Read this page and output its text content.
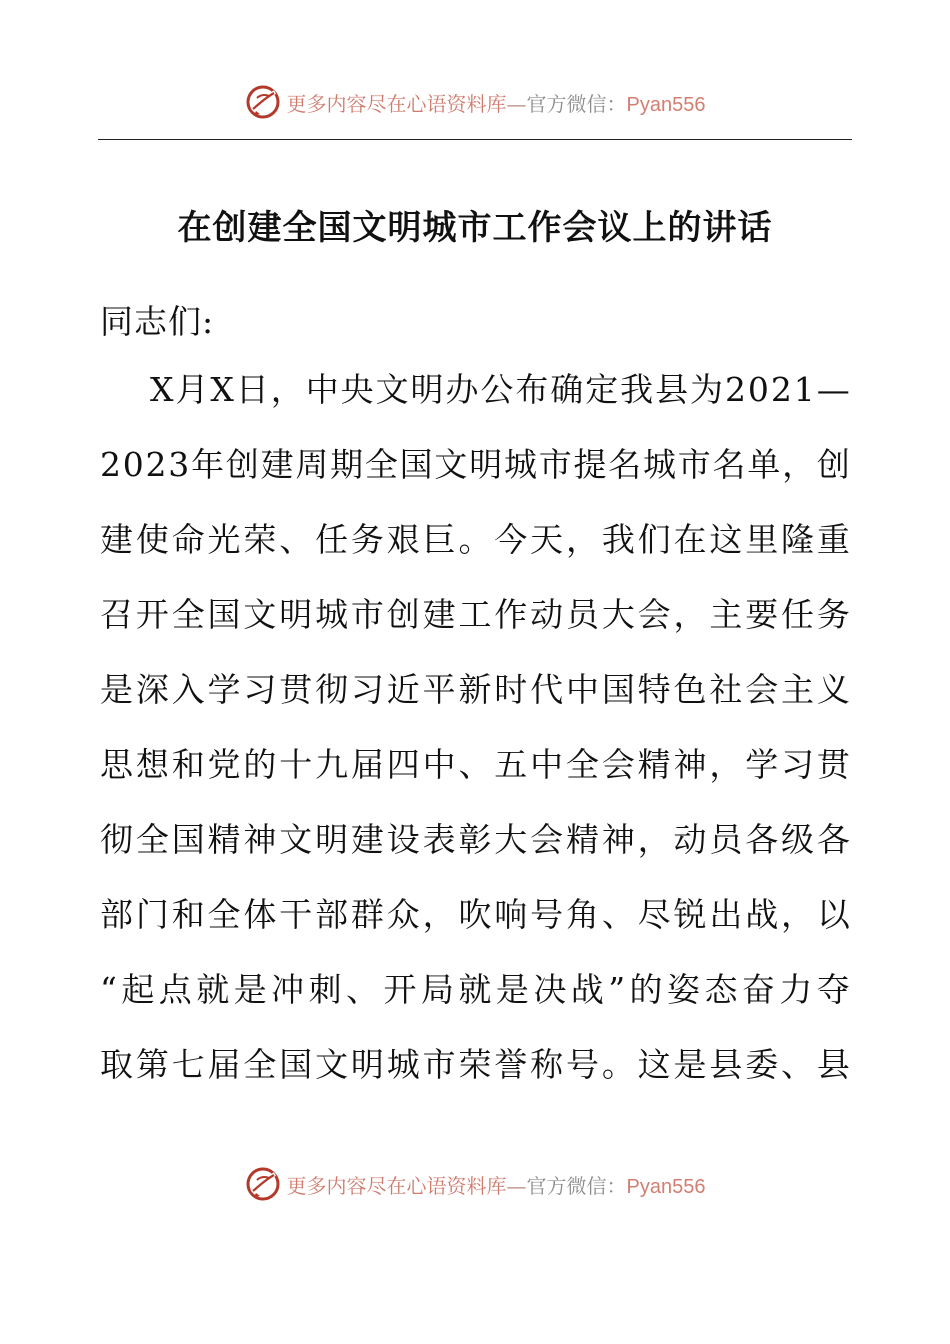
更多内容尽在心语资料库—官方微信：Pyan556
在创建全国文明城市工作会议上的讲话
同志们:
X 月 X 日 ， 中 央 文 明 办 公 布 确 定 我 县 为 2 0 2 1 —
2 0 2 3 年 创 建 周 期 全 国 文 明 城 市 提 名 城 市 名 单 ， 创
建 使 命 光 荣 、 任 务 艰 巨 。 今 天 ， 我 们 在 这 里 隆 重
召 开 全 国 文 明 城 市 创 建 工 作 动 员 大 会 ， 主 要 任 务
是 深 入 学 习 贯 彻 习 近 平 新 时 代 中 国 特 色 社 会 主 义
思 想 和 党 的 十 九 届 四 中 、 五 中 全 会 精 神 ， 学 习 贯
彻 全 国 精 神 文 明 建 设 表 彰 大 会 精 神 ， 动 员 各 级 各
部 门 和 全 体 干 部 群 众 ， 吹 响 号 角 、 尽 锐 出 战 ， 以
“ 起 点 就 是 冲 刺 、 开 局 就 是 决 战 ” 的 姿 态 奋 力 夺
取 第 七 届 全 国 文 明 城 市 荣 誉 称 号 。 这 是 县 委 、 县
更多内容尽在心语资料库—官方微信：Pyan556
